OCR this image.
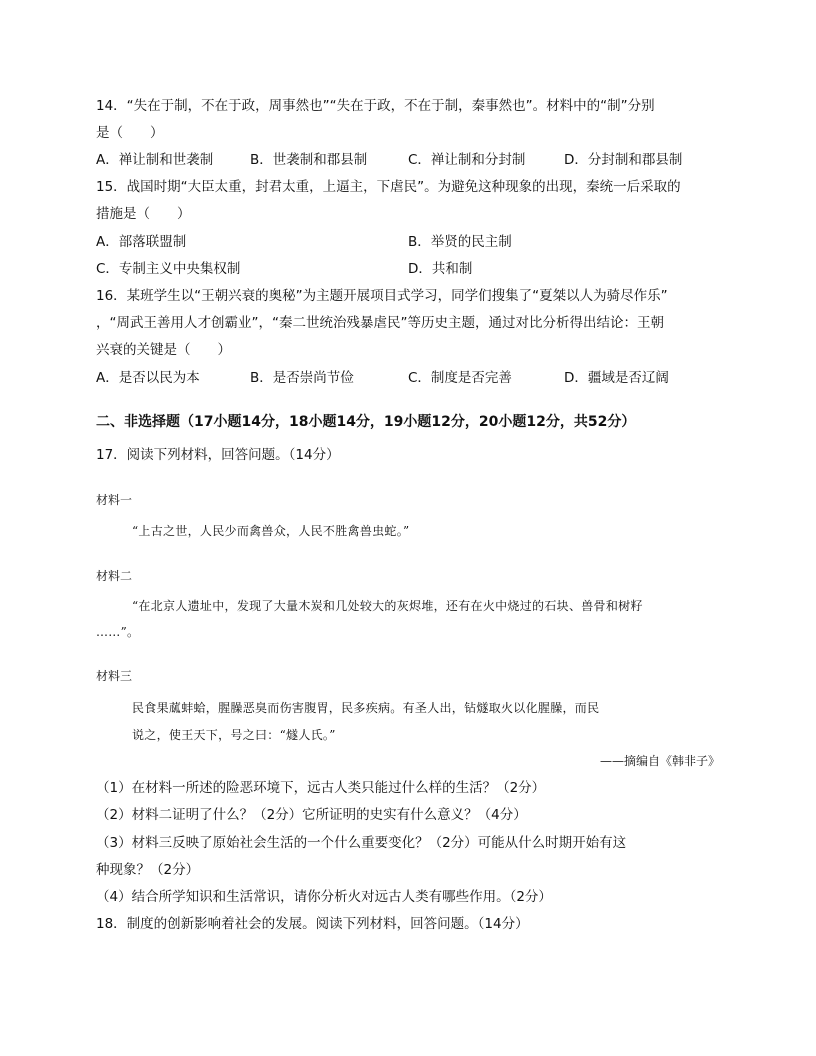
14．“失在于制，不在于政，周事然也”“失在于政，不在于制，秦事然也”。材料中的“制”分别
是（　　）
A．禅让制和世袭制	B．世袭制和郡县制	C．禅让制和分封制	D．分封制和郡县制
15．战国时期“大臣太重，封君太重，上逼主，下虐民”。为避免这种现象的出现，秦统一后采取的
措施是（　　）
A．部落联盟制	B．举贤的民主制
C．专制主义中央集权制	D．共和制
16．某班学生以“王朝兴衰的奥秘”为主题开展项目式学习，同学们搜集了“夏桀以人为骑尽作乐”
，“周武王善用人才创霸业”，“秦二世统治残暴虐民”等历史主题，通过对比分析得出结论：王朝
兴衰的关键是（　　）
A．是否以民为本	B．是否崇尚节俭	C．制度是否完善	D．疆域是否辽阔
二、非选择题（17小题14分，18小题14分，19小题12分，20小题12分，共52分）
17．阅读下列材料，回答问题。（14分）
材料一
“上古之世，人民少而禽兽众，人民不胜禽兽虫蛇。”
材料二
“在北京人遗址中，发现了大量木炭和几处较大的灰烬堆，还有在火中烧过的石块、兽骨和树籽
……”。
材料三
民食果蓏蚌蛤，腥臊恶臭而伤害腹胃，民多疾病。有圣人出，钻燧取火以化腥臊，而民
说之，使王天下，号之曰：“燧人氏。”
——摘编自《韩非子》
（1）在材料一所述的险恶环境下，远古人类只能过什么样的生活？（2分）
（2）材料二证明了什么？（2分）它所证明的史实有什么意义？（4分）
（3）材料三反映了原始社会生活的一个什么重要变化？（2分）可能从什么时期开始有这
种现象？（2分）
（4）结合所学知识和生活常识，请你分析火对远古人类有哪些作用。（2分）
18．制度的创新影响着社会的发展。阅读下列材料，回答问题。（14分）
